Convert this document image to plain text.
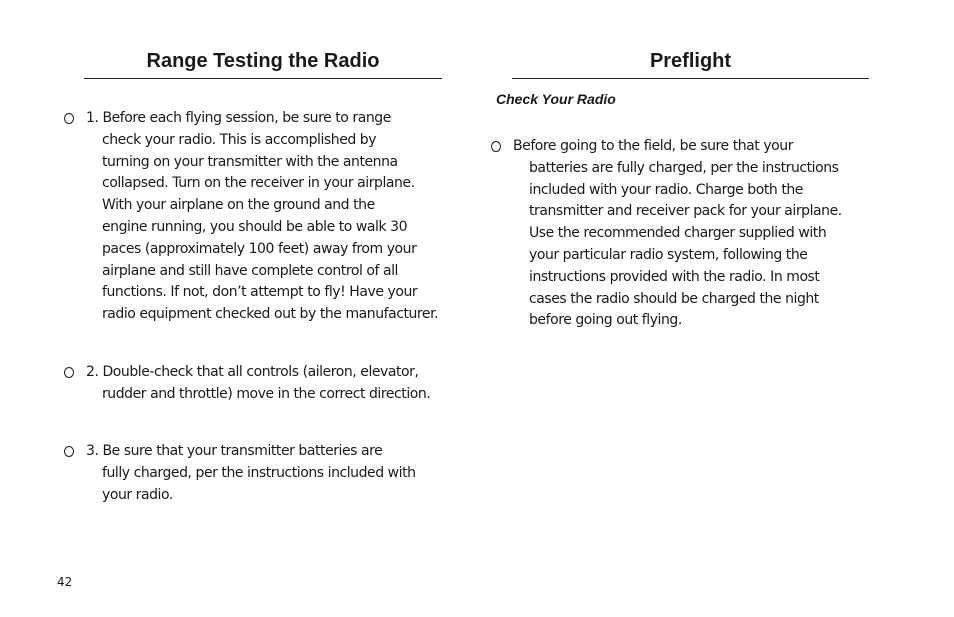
Range Testing the Radio	Preflight
Check Your Radio
1. Before each flying session, be sure to range
check your radio. This is accomplished by
turning on your transmitter with the antenna
collapsed. Turn on the receiver in your airplane.
With your airplane on the ground and the
engine running, you should be able to walk 30
paces (approximately 100 feet) away from your
airplane and still have complete control of all
functions. If not, don’t attempt to fly! Have your
radio equipment checked out by the manufacturer.
2. Double-check that all controls (aileron, elevator,
rudder and throttle) move in the correct direction.
3. Be sure that your transmitter batteries are
fully charged, per the instructions included with
your radio.
Before going to the field, be sure that your
batteries are fully charged, per the instructions
included with your radio. Charge both the
transmitter and receiver pack for your airplane.
Use the recommended charger supplied with
your particular radio system, following the
instructions provided with the radio. In most
cases the radio should be charged the night
before going out flying.
42
